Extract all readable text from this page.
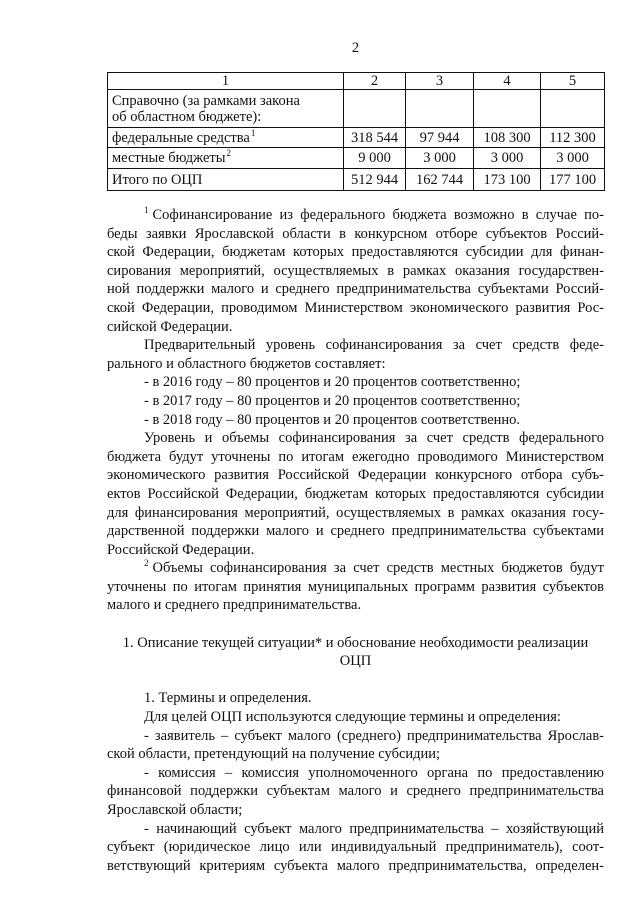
2
1	2	3	4	5

Справочно (за рамками закона
об областном бюджете):				

федеральные средства$^1$	318 544	97 944	108 300	112 300
местные бюджеты$^2$	9 000	3 000	3 000	3 000
Итого по ОЦП	512 944	162 744	173 100	177 100
$^1$ Софинансирование из федерального бюджета возможно в случае по-
беды заявки Ярославской области в конкурсном отборе субъектов Россий-
ской Федерации, бюджетам которых предоставляются субсидии для финан-
сирования мероприятий, осуществляемых в рамках оказания государствен-
ной поддержки малого и среднего предпринимательства субъектами Россий-
ской Федерации, проводимом Министерством экономического развития Рос-
сийской Федерации.
Предварительный уровень софинансирования за счет средств феде-
рального и областного бюджетов составляет:
- в 2016 году – 80 процентов и 20 процентов соответственно;
- в 2017 году – 80 процентов и 20 процентов соответственно;
- в 2018 году – 80 процентов и 20 процентов соответственно.
Уровень и объемы софинансирования за счет средств федерального
бюджета будут уточнены по итогам ежегодно проводимого Министерством
экономического развития Российской Федерации конкурсного отбора субъ-
ектов Российской Федерации, бюджетам которых предоставляются субсидии
для финансирования мероприятий, осуществляемых в рамках оказания госу-
дарственной поддержки малого и среднего предпринимательства субъектами
Российской Федерации.
$^2$ Объемы софинансирования за счет средств местных бюджетов будут
уточнены по итогам принятия муниципальных программ развития субъектов
малого и среднего предпринимательства.
1. Описание текущей ситуации* и обоснование необходимости реализации
ОЦП
1. Термины и определения.
Для целей ОЦП используются следующие термины и определения:
- заявитель – субъект малого (среднего) предпринимательства Ярослав-
ской области, претендующий на получение субсидии;
- комиссия – комиссия уполномоченного органа по предоставлению
финансовой поддержки субъектам малого и среднего предпринимательства
Ярославской области;
- начинающий субъект малого предпринимательства – хозяйствующий
субъект (юридическое лицо или индивидуальный предприниматель), соот-
ветствующий критериям субъекта малого предпринимательства, определен-
